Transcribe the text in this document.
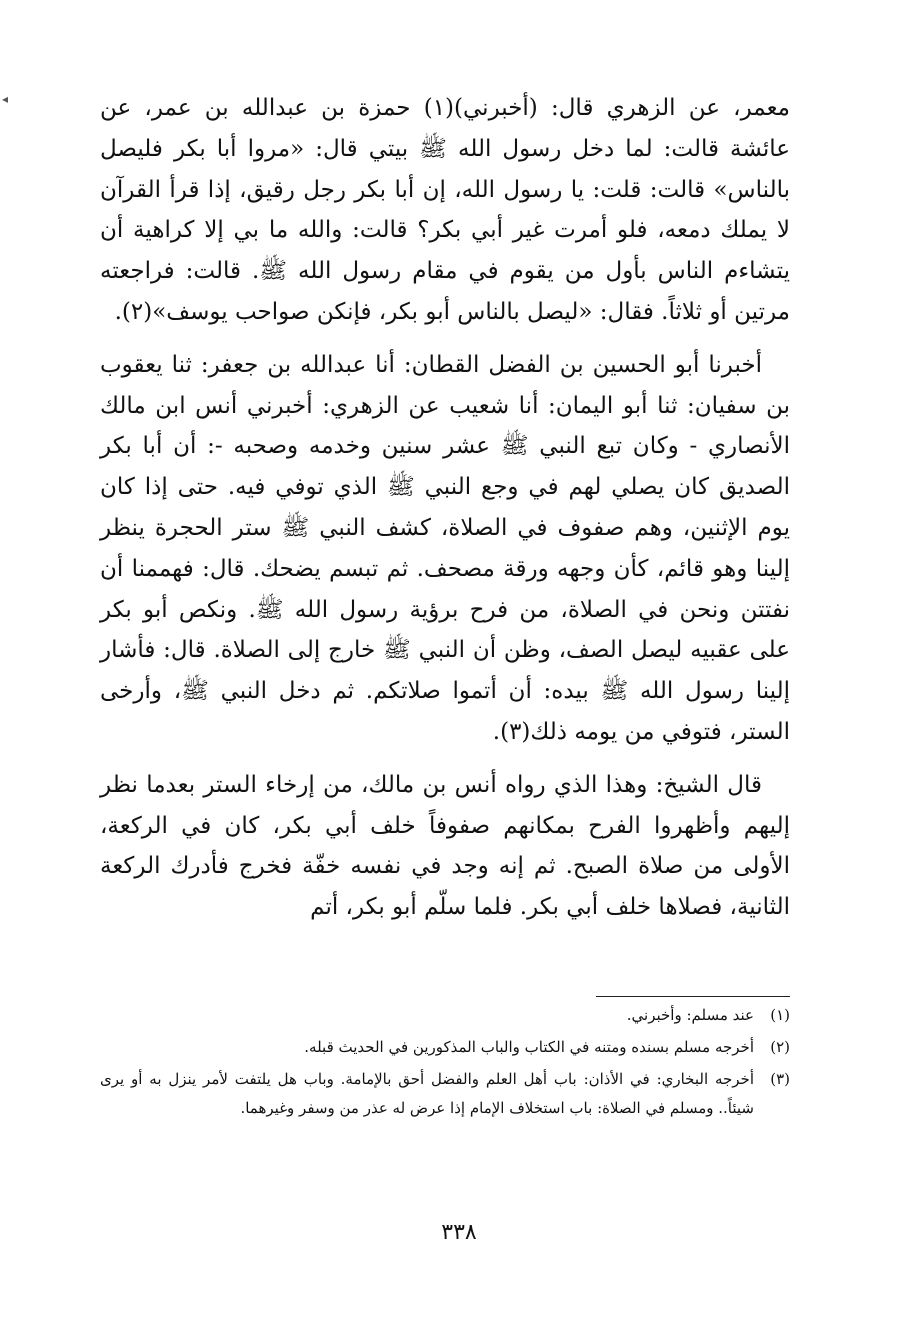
◂	معمر، عن الزهري قال: (أخبرني)(١) حمزة بن عبدالله بن عمر، عن عائشة قالت: لما دخل رسول الله ﷺ بيتي قال: «مروا أبا بكر فليصل بالناس» قالت: قلت: يا رسول الله، إن أبا بكر رجل رقيق، إذا قرأ القرآن لا يملك دمعه، فلو أمرت غير أبي بكر؟ قالت: والله ما بي إلا كراهية أن يتشاءم الناس بأول من يقوم في مقام رسول الله ﷺ. قالت: فراجعته مرتين أو ثلاثاً. فقال: «ليصل بالناس أبو بكر، فإنكن صواحب يوسف»(٢).

أخبرنا أبو الحسين بن الفضل القطان: أنا عبدالله بن جعفر: ثنا يعقوب بن سفيان: ثنا أبو اليمان: أنا شعيب عن الزهري: أخبرني أنس ابن مالك الأنصاري - وكان تبع النبي ﷺ عشر سنين وخدمه وصحبه -: أن أبا بكر الصديق كان يصلي لهم في وجع النبي ﷺ الذي توفي فيه. حتى إذا كان يوم الإثنين، وهم صفوف في الصلاة، كشف النبي ﷺ ستر الحجرة ينظر إلينا وهو قائم، كأن وجهه ورقة مصحف. ثم تبسم يضحك. قال: فهممنا أن نفتتن ونحن في الصلاة، من فرح برؤية رسول الله ﷺ. ونكص أبو بكر على عقبيه ليصل الصف، وظن أن النبي ﷺ خارج إلى الصلاة. قال: فأشار إلينا رسول الله ﷺ بيده: أن أتموا صلاتكم. ثم دخل النبي ﷺ، وأرخى الستر، فتوفي من يومه ذلك(٣).

قال الشيخ: وهذا الذي رواه أنس بن مالك، من إرخاء الستر بعدما نظر إليهم وأظهروا الفرح بمكانهم صفوفاً خلف أبي بكر، كان في الركعة، الأولى من صلاة الصبح. ثم إنه وجد في نفسه خفّة فخرج فأدرك الركعة الثانية، فصلاها خلف أبي بكر. فلما سلّم أبو بكر، أتم

(١)
عند مسلم: وأخبرني.
(٢)
أخرجه مسلم بسنده ومتنه في الكتاب والباب المذكورين في الحديث قبله.
(٣)
أخرجه البخاري: في الأذان: باب أهل العلم والفضل أحق بالإمامة. وباب هل يلتفت لأمر ينزل به أو يرى شيئاً.. ومسلم في الصلاة: باب استخلاف الإمام إذا عرض له عذر من وسفر وغيرهما.
٣٣٨
